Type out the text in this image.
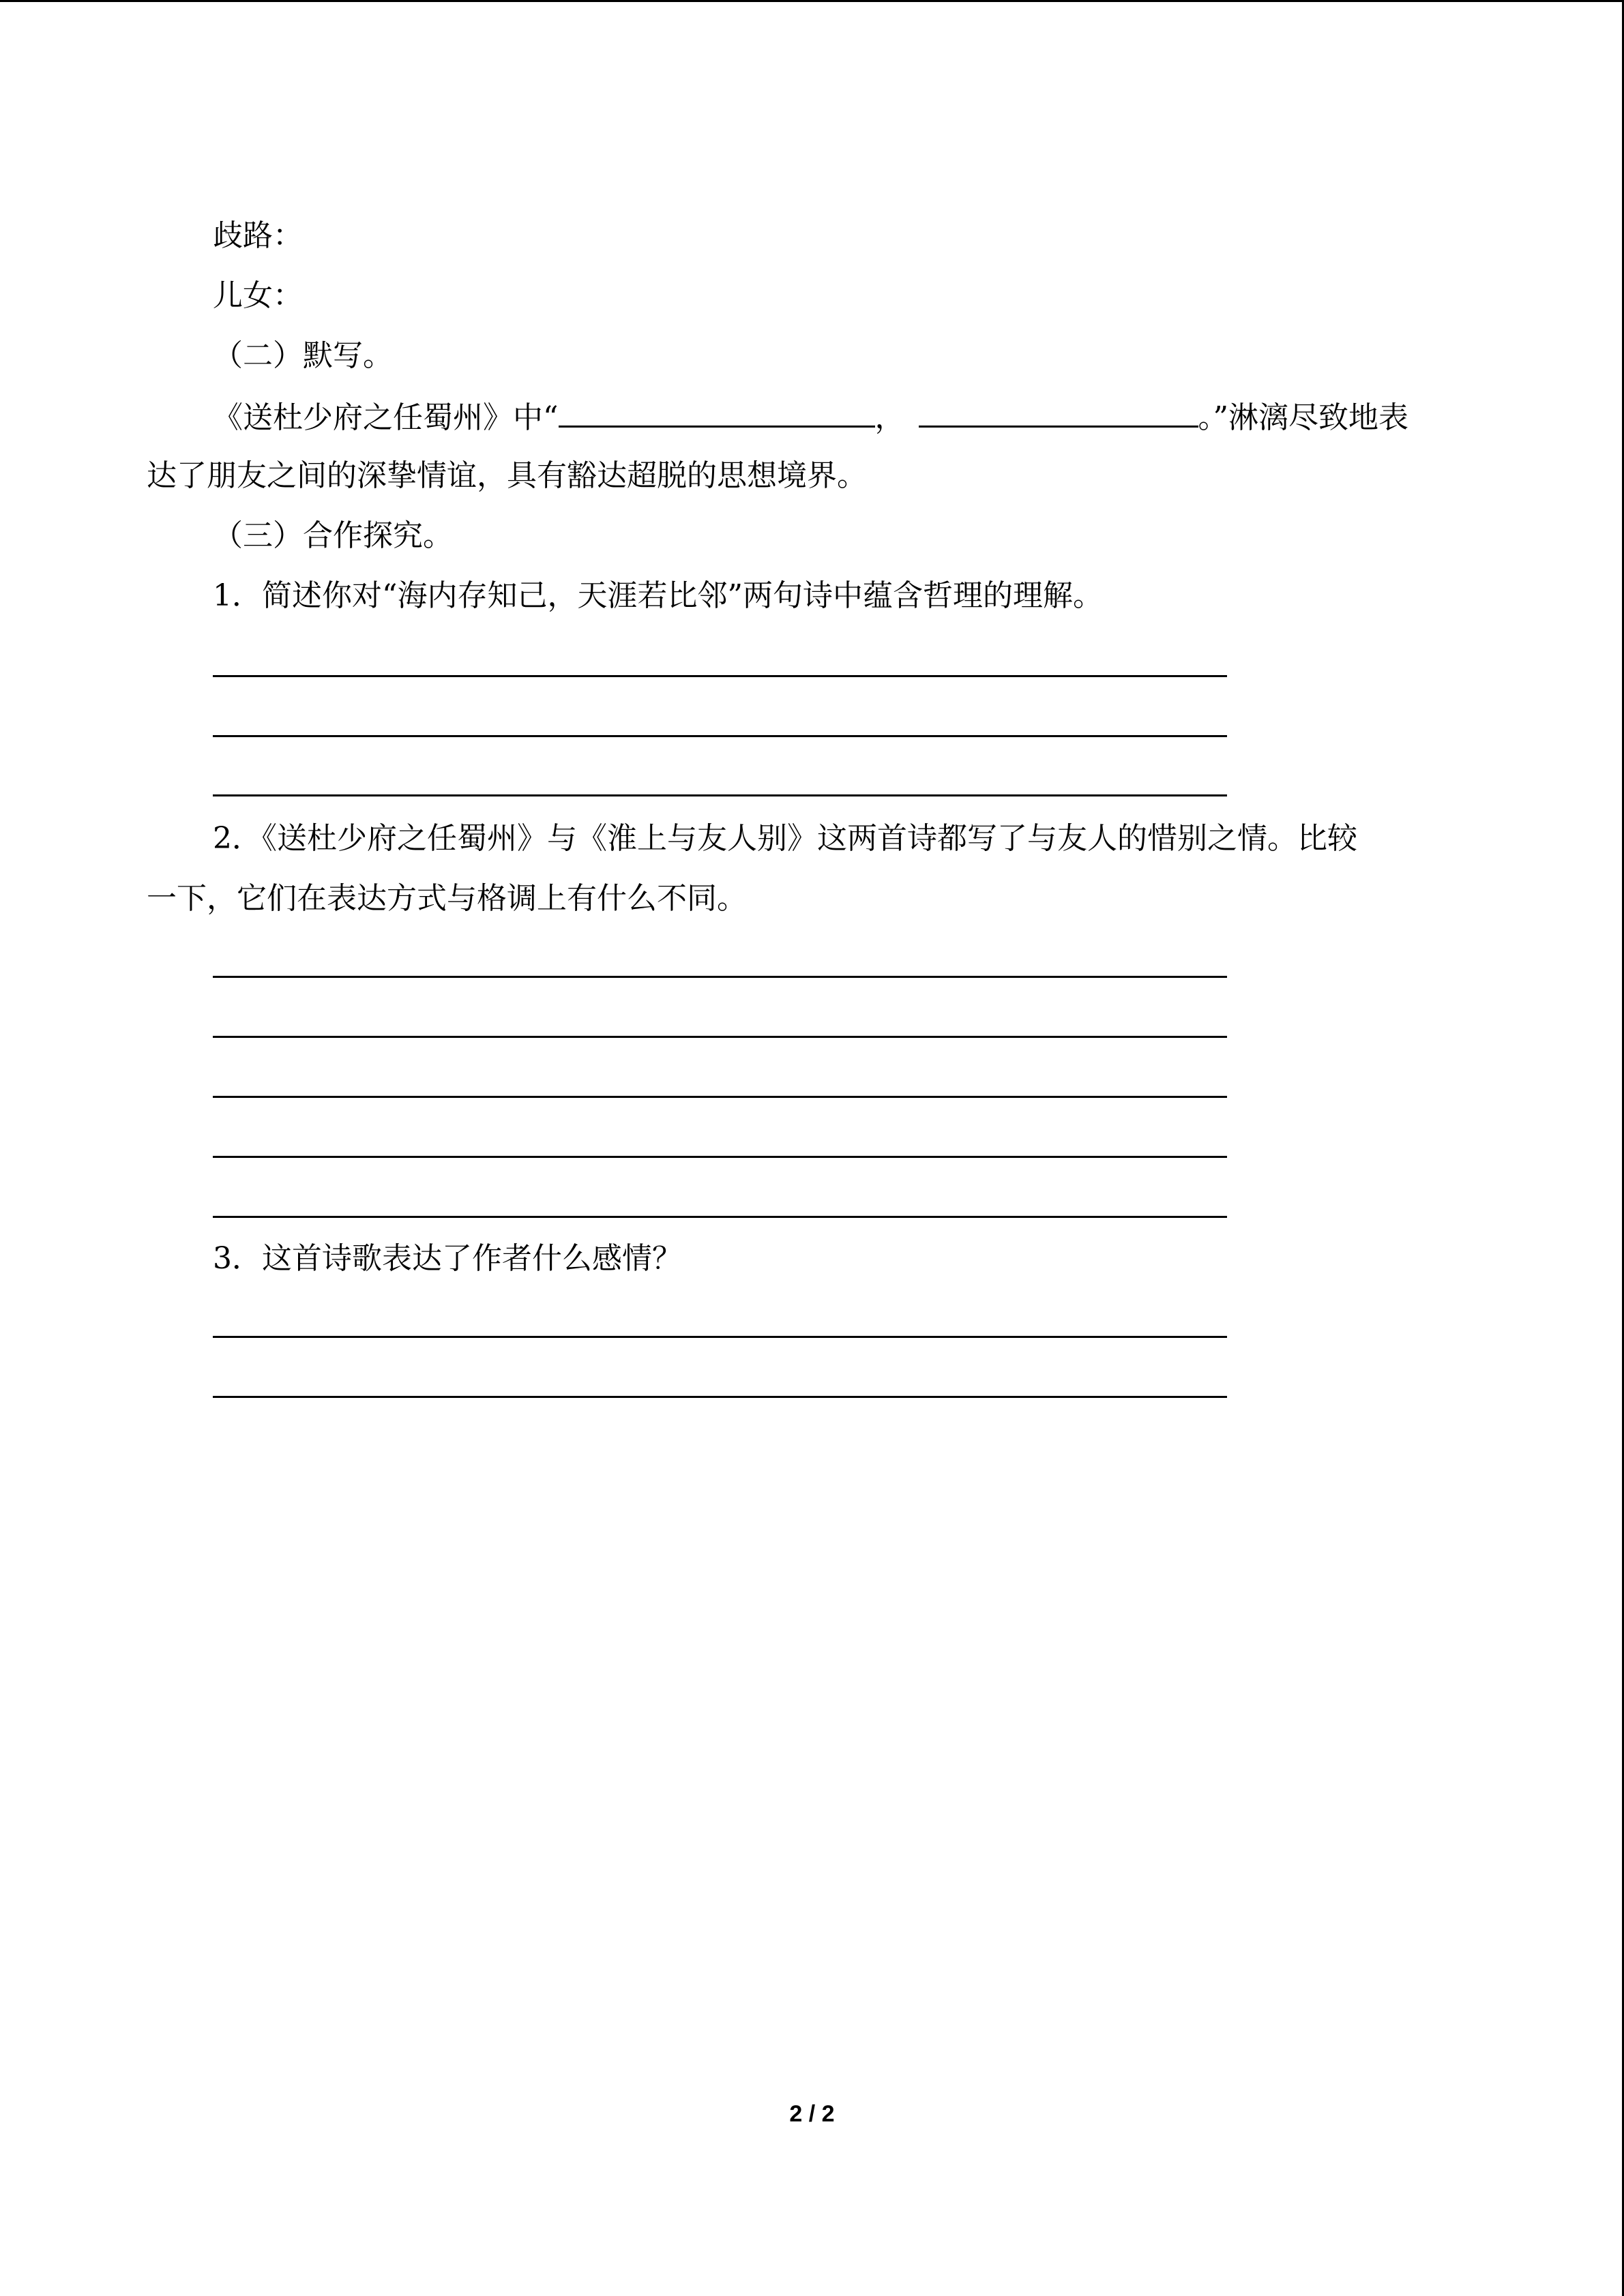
歧路：
儿女：
（二）默写。
《送杜少府之任蜀州》中“	，	。”淋漓尽致地表
达了朋友之间的深挚情谊，具有豁达超脱的思想境界。
（三）合作探究。
1．简述你对“海内存知己，天涯若比邻”两句诗中蕴含哲理的理解。
2．《送杜少府之任蜀州》与《淮上与友人别》这两首诗都写了与友人的惜别之情。比较
一下，它们在表达方式与格调上有什么不同。
3．这首诗歌表达了作者什么感情？
2 / 2
